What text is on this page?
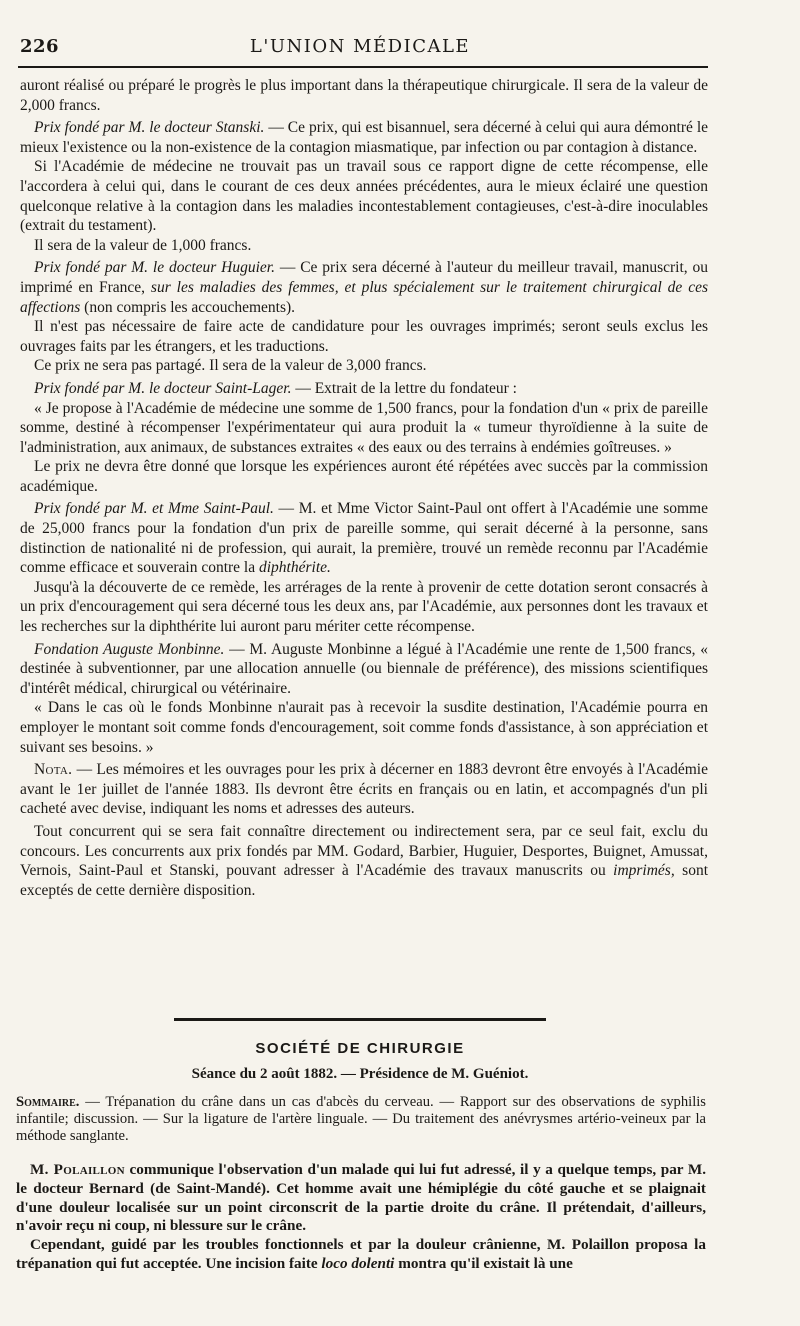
226	L'UNION MÉDICALE

auront réalisé ou préparé le progrès le plus important dans la thérapeutique chirurgicale. Il sera de la valeur de 2,000 francs.

Prix fondé par M. le docteur Stanski. — Ce prix, qui est bisannuel, sera décerné à celui qui aura démontré le mieux l'existence ou la non-existence de la contagion miasmatique, par infection ou par contagion à distance.

Si l'Académie de médecine ne trouvait pas un travail sous ce rapport digne de cette récompense, elle l'accordera à celui qui, dans le courant de ces deux années précédentes, aura le mieux éclairé une question quelconque relative à la contagion dans les maladies incontestablement contagieuses, c'est-à-dire inoculables (extrait du testament).

Il sera de la valeur de 1,000 francs.

Prix fondé par M. le docteur Huguier. — Ce prix sera décerné à l'auteur du meilleur travail, manuscrit, ou imprimé en France, sur les maladies des femmes, et plus spécialement sur le traitement chirurgical de ces affections (non compris les accouchements).

Il n'est pas nécessaire de faire acte de candidature pour les ouvrages imprimés; seront seuls exclus les ouvrages faits par les étrangers, et les traductions.

Ce prix ne sera pas partagé. Il sera de la valeur de 3,000 francs.

Prix fondé par M. le docteur Saint-Lager. — Extrait de la lettre du fondateur :

« Je propose à l'Académie de médecine une somme de 1,500 francs, pour la fondation d'un « prix de pareille somme, destiné à récompenser l'expérimentateur qui aura produit la « tumeur thyroïdienne à la suite de l'administration, aux animaux, de substances extraites « des eaux ou des terrains à endémies goîtreuses. »

Le prix ne devra être donné que lorsque les expériences auront été répétées avec succès par la commission académique.

Prix fondé par M. et Mme Saint-Paul. — M. et Mme Victor Saint-Paul ont offert à l'Académie une somme de 25,000 francs pour la fondation d'un prix de pareille somme, qui serait décerné à la personne, sans distinction de nationalité ni de profession, qui aurait, la première, trouvé un remède reconnu par l'Académie comme efficace et souverain contre la diphthérite.

Jusqu'à la découverte de ce remède, les arrérages de la rente à provenir de cette dotation seront consacrés à un prix d'encouragement qui sera décerné tous les deux ans, par l'Académie, aux personnes dont les travaux et les recherches sur la diphthérite lui auront paru mériter cette récompense.

Fondation Auguste Monbinne. — M. Auguste Monbinne a légué à l'Académie une rente de 1,500 francs, « destinée à subventionner, par une allocation annuelle (ou biennale de préférence), des missions scientifiques d'intérêt médical, chirurgical ou vétérinaire.

« Dans le cas où le fonds Monbinne n'aurait pas à recevoir la susdite destination, l'Académie pourra en employer le montant soit comme fonds d'encouragement, soit comme fonds d'assistance, à son appréciation et suivant ses besoins. »

Nota. — Les mémoires et les ouvrages pour les prix à décerner en 1883 devront être envoyés à l'Académie avant le 1er juillet de l'année 1883. Ils devront être écrits en français ou en latin, et accompagnés d'un pli cacheté avec devise, indiquant les noms et adresses des auteurs.

Tout concurrent qui se sera fait connaître directement ou indirectement sera, par ce seul fait, exclu du concours. Les concurrents aux prix fondés par MM. Godard, Barbier, Huguier, Desportes, Buignet, Amussat, Vernois, Saint-Paul et Stanski, pouvant adresser à l'Académie des travaux manuscrits ou imprimés, sont exceptés de cette dernière disposition.

SOCIÉTÉ DE CHIRURGIE
Séance du 2 août 1882. — Présidence de M. Guéniot.

Sommaire. — Trépanation du crâne dans un cas d'abcès du cerveau. — Rapport sur des observations de syphilis infantile; discussion. — Sur la ligature de l'artère linguale. — Du traitement des anévrysmes artério-veineux par la méthode sanglante.

M. Polaillon communique l'observation d'un malade qui lui fut adressé, il y a quelque temps, par M. le docteur Bernard (de Saint-Mandé). Cet homme avait une hémiplégie du côté gauche et se plaignait d'une douleur localisée sur un point circonscrit de la partie droite du crâne. Il prétendait, d'ailleurs, n'avoir reçu ni coup, ni blessure sur le crâne.

Cependant, guidé par les troubles fonctionnels et par la douleur crânienne, M. Polaillon proposa la trépanation qui fut acceptée. Une incision faite loco dolenti montra qu'il existait là une
